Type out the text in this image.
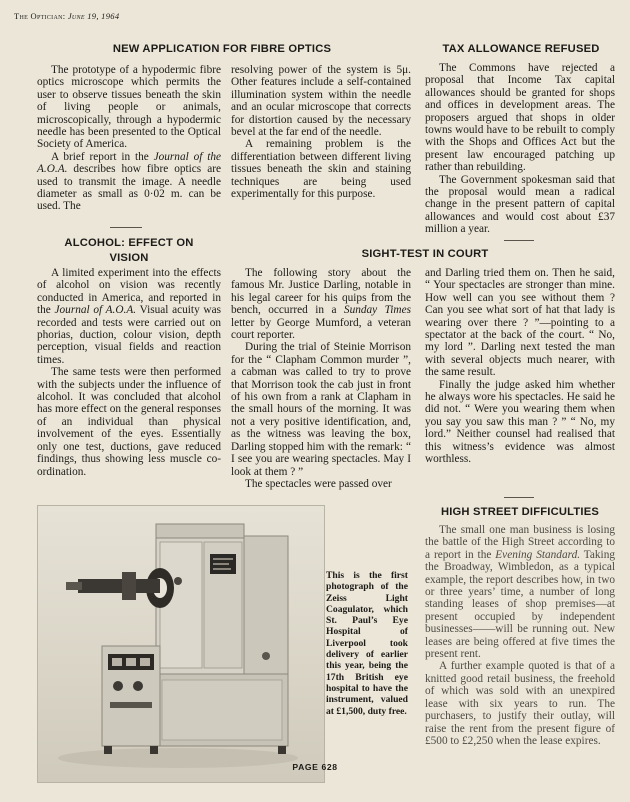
The Optician: June 19, 1964
NEW APPLICATION FOR FIBRE OPTICS

The prototype of a hypodermic fibre optics microscope which permits the user to observe tissues beneath the skin of living people or animals, microscopically, through a hypodermic needle has been presented to the Optical Society of America.

A brief report in the Journal of the A.O.A. describes how fibre optics are used to transmit the image. A needle diameter as small as 0·02 m. can be used. The

resolving power of the system is 5μ. Other features include a self-contained illumination system within the needle and an ocular microscope that corrects for distortion caused by the necessary bevel at the far end of the needle.

A remaining problem is the differentiation between different living tissues beneath the skin and staining techniques are being used experimentally for this purpose.

TAX ALLOWANCE REFUSED

The Commons have rejected a proposal that Income Tax capital allowances should be granted for shops and offices in development areas. The proposers argued that shops in older towns would have to be rebuilt to comply with the Shops and Offices Act but the present law encouraged patching up rather than rebuilding.

The Government spokesman said that the proposal would mean a radical change in the present pattern of capital allowances and would cost about £37 million a year.

ALCOHOL: EFFECT ON VISION

A limited experiment into the effects of alcohol on vision was recently conducted in America, and reported in the Journal of A.O.A. Visual acuity was recorded and tests were carried out on phorias, duction, colour vision, depth perception, visual fields and reaction times.

The same tests were then performed with the subjects under the influence of alcohol. It was concluded that alcohol has more effect on the general responses of an individual than physical involvement of the eyes. Essentially only one test, ductions, gave reduced findings, thus showing less muscle co-ordination.

SIGHT-TEST IN COURT

The following story about the famous Mr. Justice Darling, notable in his legal career for his quips from the bench, occurred in a Sunday Times letter by George Mumford, a veteran court reporter.

During the trial of Steinie Morrison for the “ Clapham Common murder ”, a cabman was called to try to prove that Morrison took the cab just in front of his own from a rank at Clapham in the small hours of the morning. It was not a very positive identification, and, as the witness was leaving the box, Darling stopped him with the remark: “ I see you are wearing spectacles. May I look at them ? ”

The spectacles were passed over

and Darling tried them on. Then he said, “ Your spectacles are stronger than mine. How well can you see without them ? Can you see what sort of hat that lady is wearing over there ? ”—pointing to a spectator at the back of the court. “ No, my lord ”. Darling next tested the man with several objects much nearer, with the same result.

Finally the judge asked him whether he always wore his spectacles. He said he did not. “ Were you wearing them when you say you saw this man ? ” “ No, my lord.” Neither counsel had realised that this witness’s evidence was almost worthless.

HIGH STREET DIFFICULTIES

The small one man business is losing the battle of the High Street according to a report in the Evening Standard. Taking the Broadway, Wimbledon, as a typical example, the report describes how, in two or three years’ time, a number of long standing leases of shop premises—at present occupied by independent businesses——will be running out. New leases are being offered at five times the present rent.

A further example quoted is that of a knitted good retail business, the freehold of which was sold with an unexpired lease with six years to run. The purchasers, to justify their outlay, will raise the rent from the present figure of £500 to £2,250 when the lease expires.

This is the first photograph of the Zeiss Light Coagulator, which St. Paul’s Eye Hospital of Liverpool took delivery of earlier this year, being the 17th British eye hospital to have the instrument, valued at £1,500, duty free.
PAGE 628
